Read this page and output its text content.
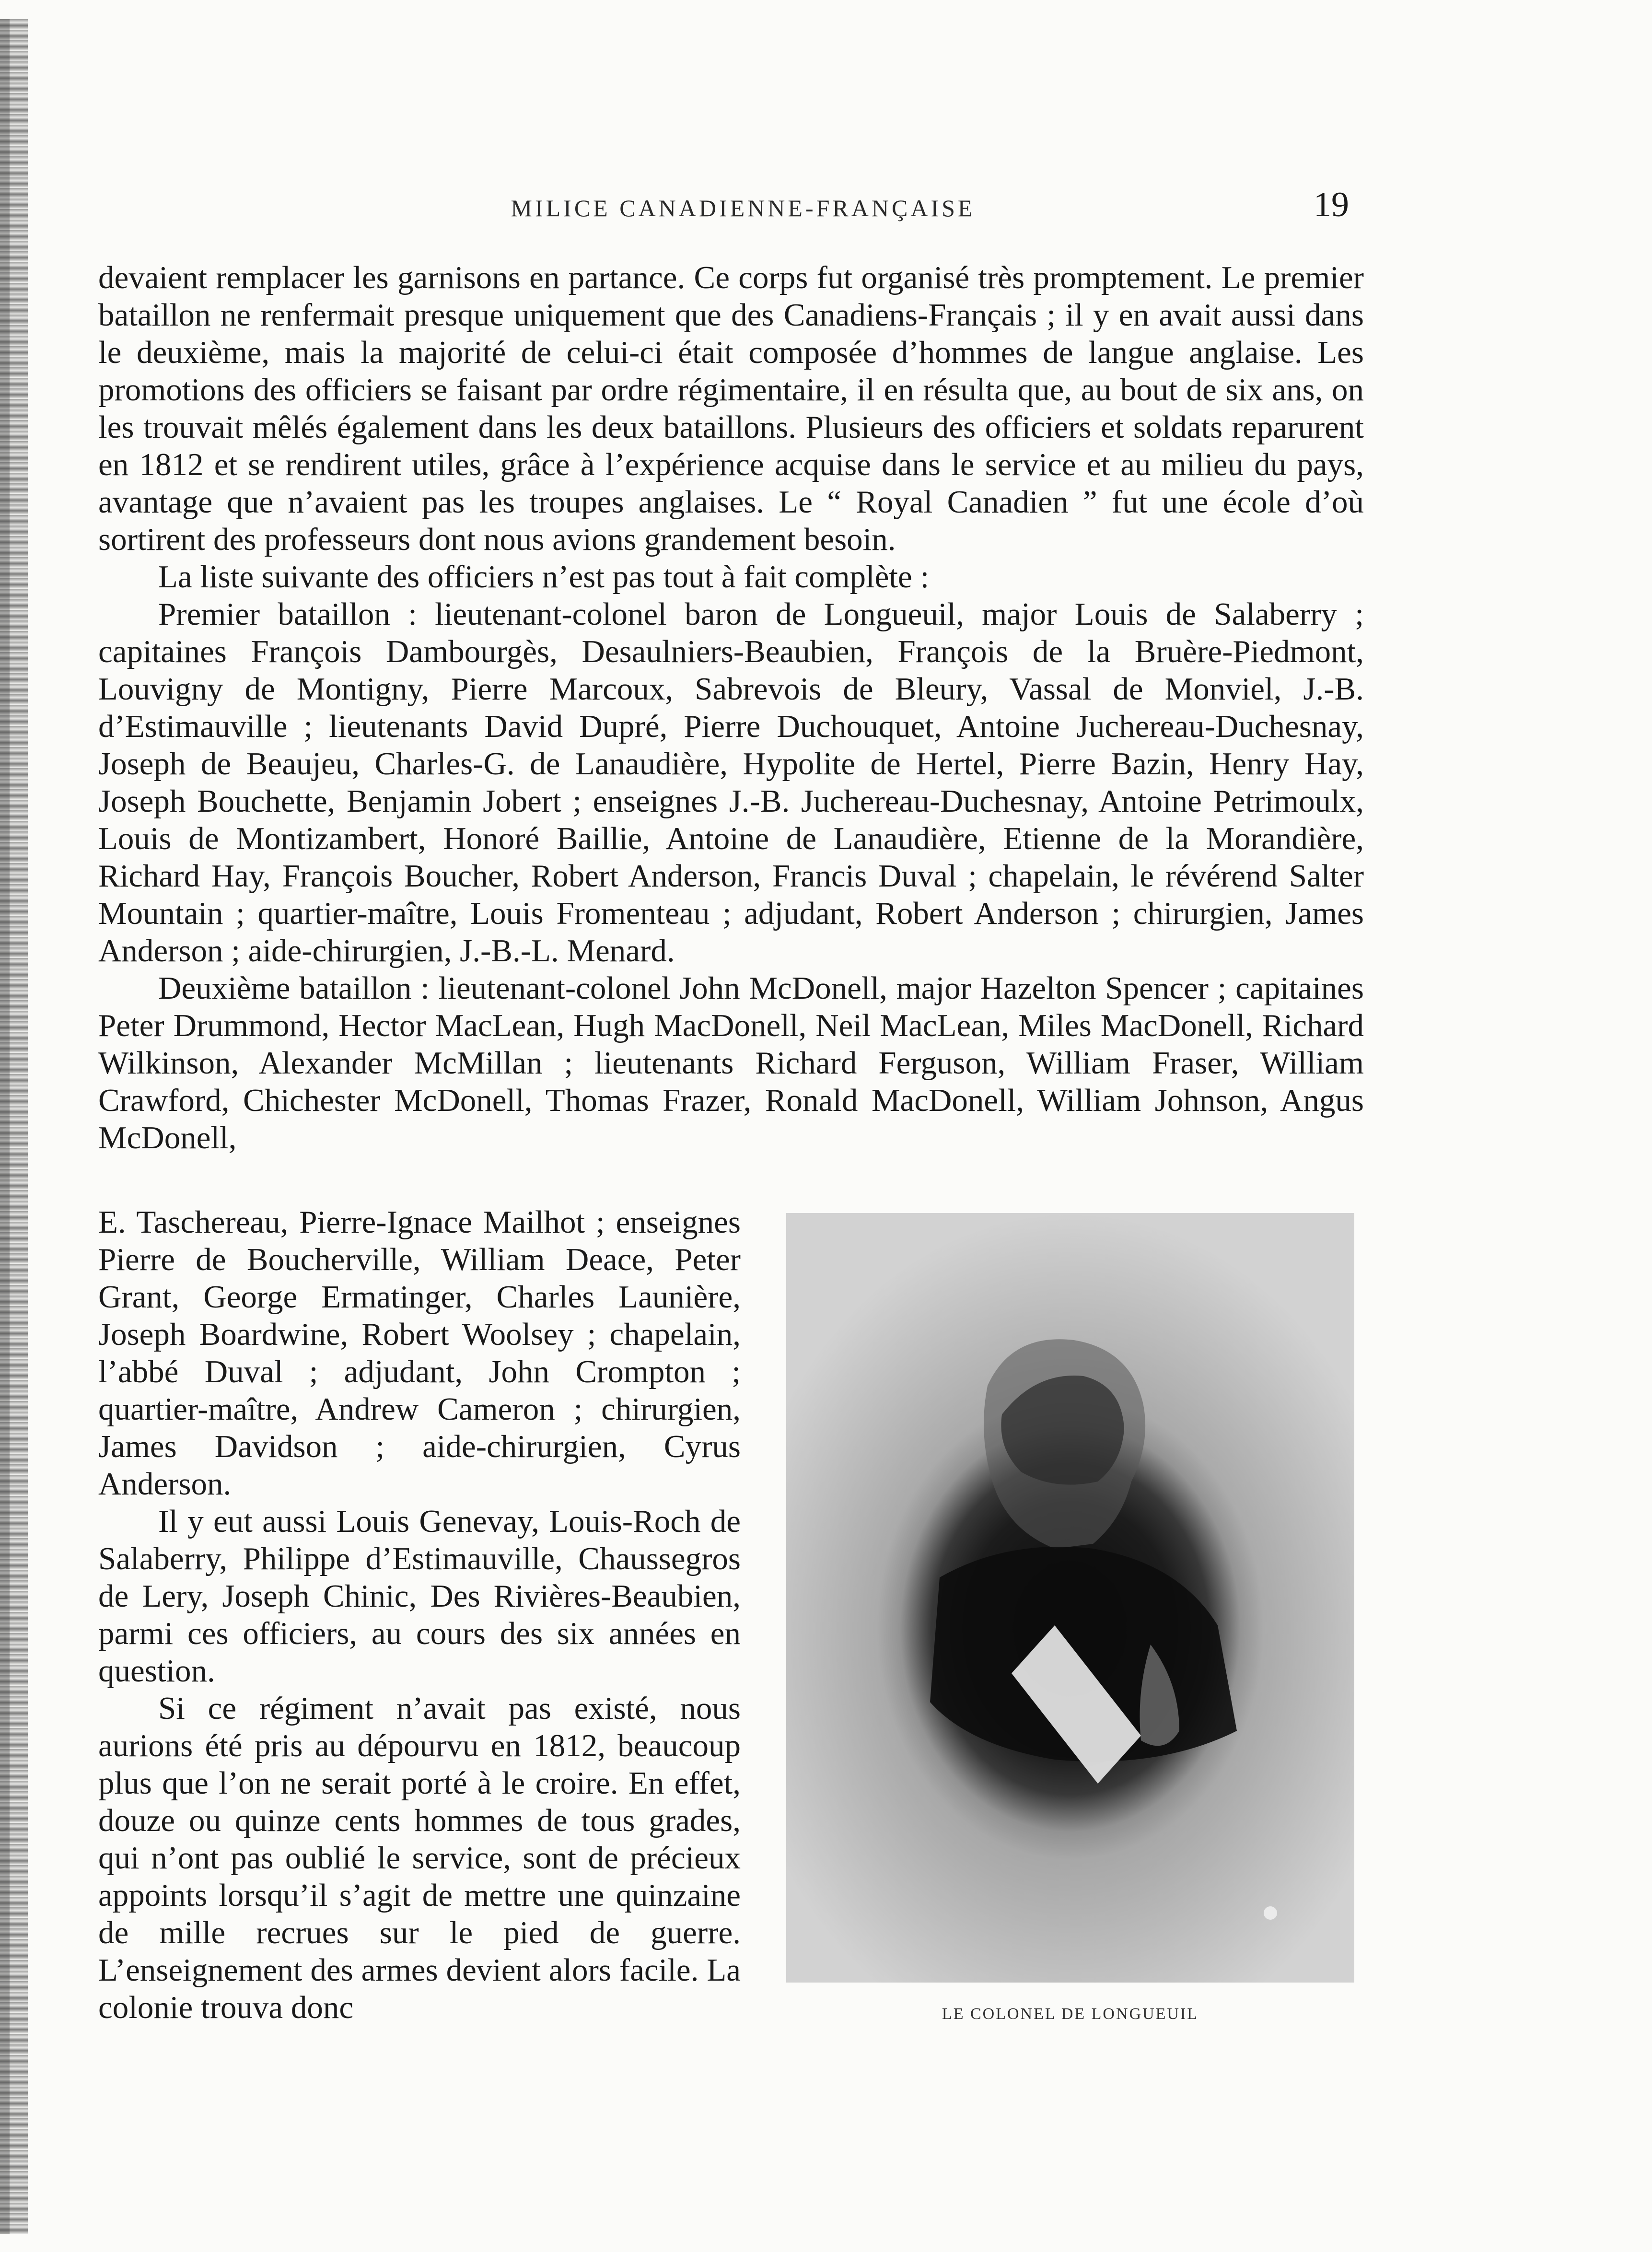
MILICE CANADIENNE-FRANÇAISE	19

devaient remplacer les garnisons en partance. Ce corps fut organisé très promptement. Le premier bataillon ne renfermait presque uniquement que des Canadiens-Français ; il y en avait aussi dans le deuxième, mais la majorité de celui-ci était composée d’hommes de langue anglaise. Les promotions des officiers se faisant par ordre régimentaire, il en résulta que, au bout de six ans, on les trouvait mêlés également dans les deux bataillons. Plusieurs des officiers et soldats reparurent en 1812 et se rendirent utiles, grâce à l’expérience acquise dans le service et au milieu du pays, avantage que n’avaient pas les troupes anglaises. Le “ Royal Canadien ” fut une école d’où sortirent des professeurs dont nous avions grandement besoin.

La liste suivante des officiers n’est pas tout à fait complète :

Premier bataillon : lieutenant-colonel baron de Longueuil, major Louis de Salaberry ; capitaines François Dambourgès, Desaulniers-Beaubien, François de la Bruère-Piedmont, Louvigny de Montigny, Pierre Marcoux, Sabrevois de Bleury, Vassal de Monviel, J.-B. d’Estimauville ; lieutenants David Dupré, Pierre Duchouquet, Antoine Juchereau-Duchesnay, Joseph de Beaujeu, Charles-G. de Lanaudière, Hypolite de Hertel, Pierre Bazin, Henry Hay, Joseph Bouchette, Benjamin Jobert ; enseignes J.-B. Juchereau-Duchesnay, Antoine Petrimoulx, Louis de Montizambert, Honoré Baillie, Antoine de Lanaudière, Etienne de la Morandière, Richard Hay, François Boucher, Robert Anderson, Francis Duval ; chapelain, le révérend Salter Mountain ; quartier-maître, Louis Fromenteau ; adjudant, Robert Anderson ; chirurgien, James Anderson ; aide-chirurgien, J.-B.-L. Menard.

Deuxième bataillon : lieutenant-colonel John McDonell, major Hazelton Spencer ; capitaines Peter Drummond, Hector MacLean, Hugh MacDonell, Neil MacLean, Miles MacDonell, Richard Wilkinson, Alexander McMillan ; lieutenants Richard Ferguson, William Fraser, William Crawford, Chichester McDonell, Thomas Frazer, Ronald MacDonell, William Johnson, Angus McDonell,

E. Taschereau, Pierre-Ignace Mailhot ; enseignes Pierre de Boucherville, William Deace, Peter Grant, George Ermatinger, Charles Launière, Joseph Boardwine, Robert Woolsey ; chapelain, l’abbé Duval ; adjudant, John Crompton ; quartier-maître, Andrew Cameron ; chirurgien, James Davidson ; aide-chirurgien, Cyrus Anderson.

Il y eut aussi Louis Genevay, Louis-Roch de Salaberry, Philippe d’Estimauville, Chaussegros de Lery, Joseph Chinic, Des Rivières-Beaubien, parmi ces officiers, au cours des six années en question.

Si ce régiment n’avait pas existé, nous aurions été pris au dépourvu en 1812, beaucoup plus que l’on ne serait porté à le croire. En effet, douze ou quinze cents hommes de tous grades, qui n’ont pas oublié le service, sont de précieux appoints lorsqu’il s’agit de mettre une quinzaine de mille recrues sur le pied de guerre. L’enseignement des armes devient alors facile. La colonie trouva donc	LE COLONEL DE LONGUEUIL
